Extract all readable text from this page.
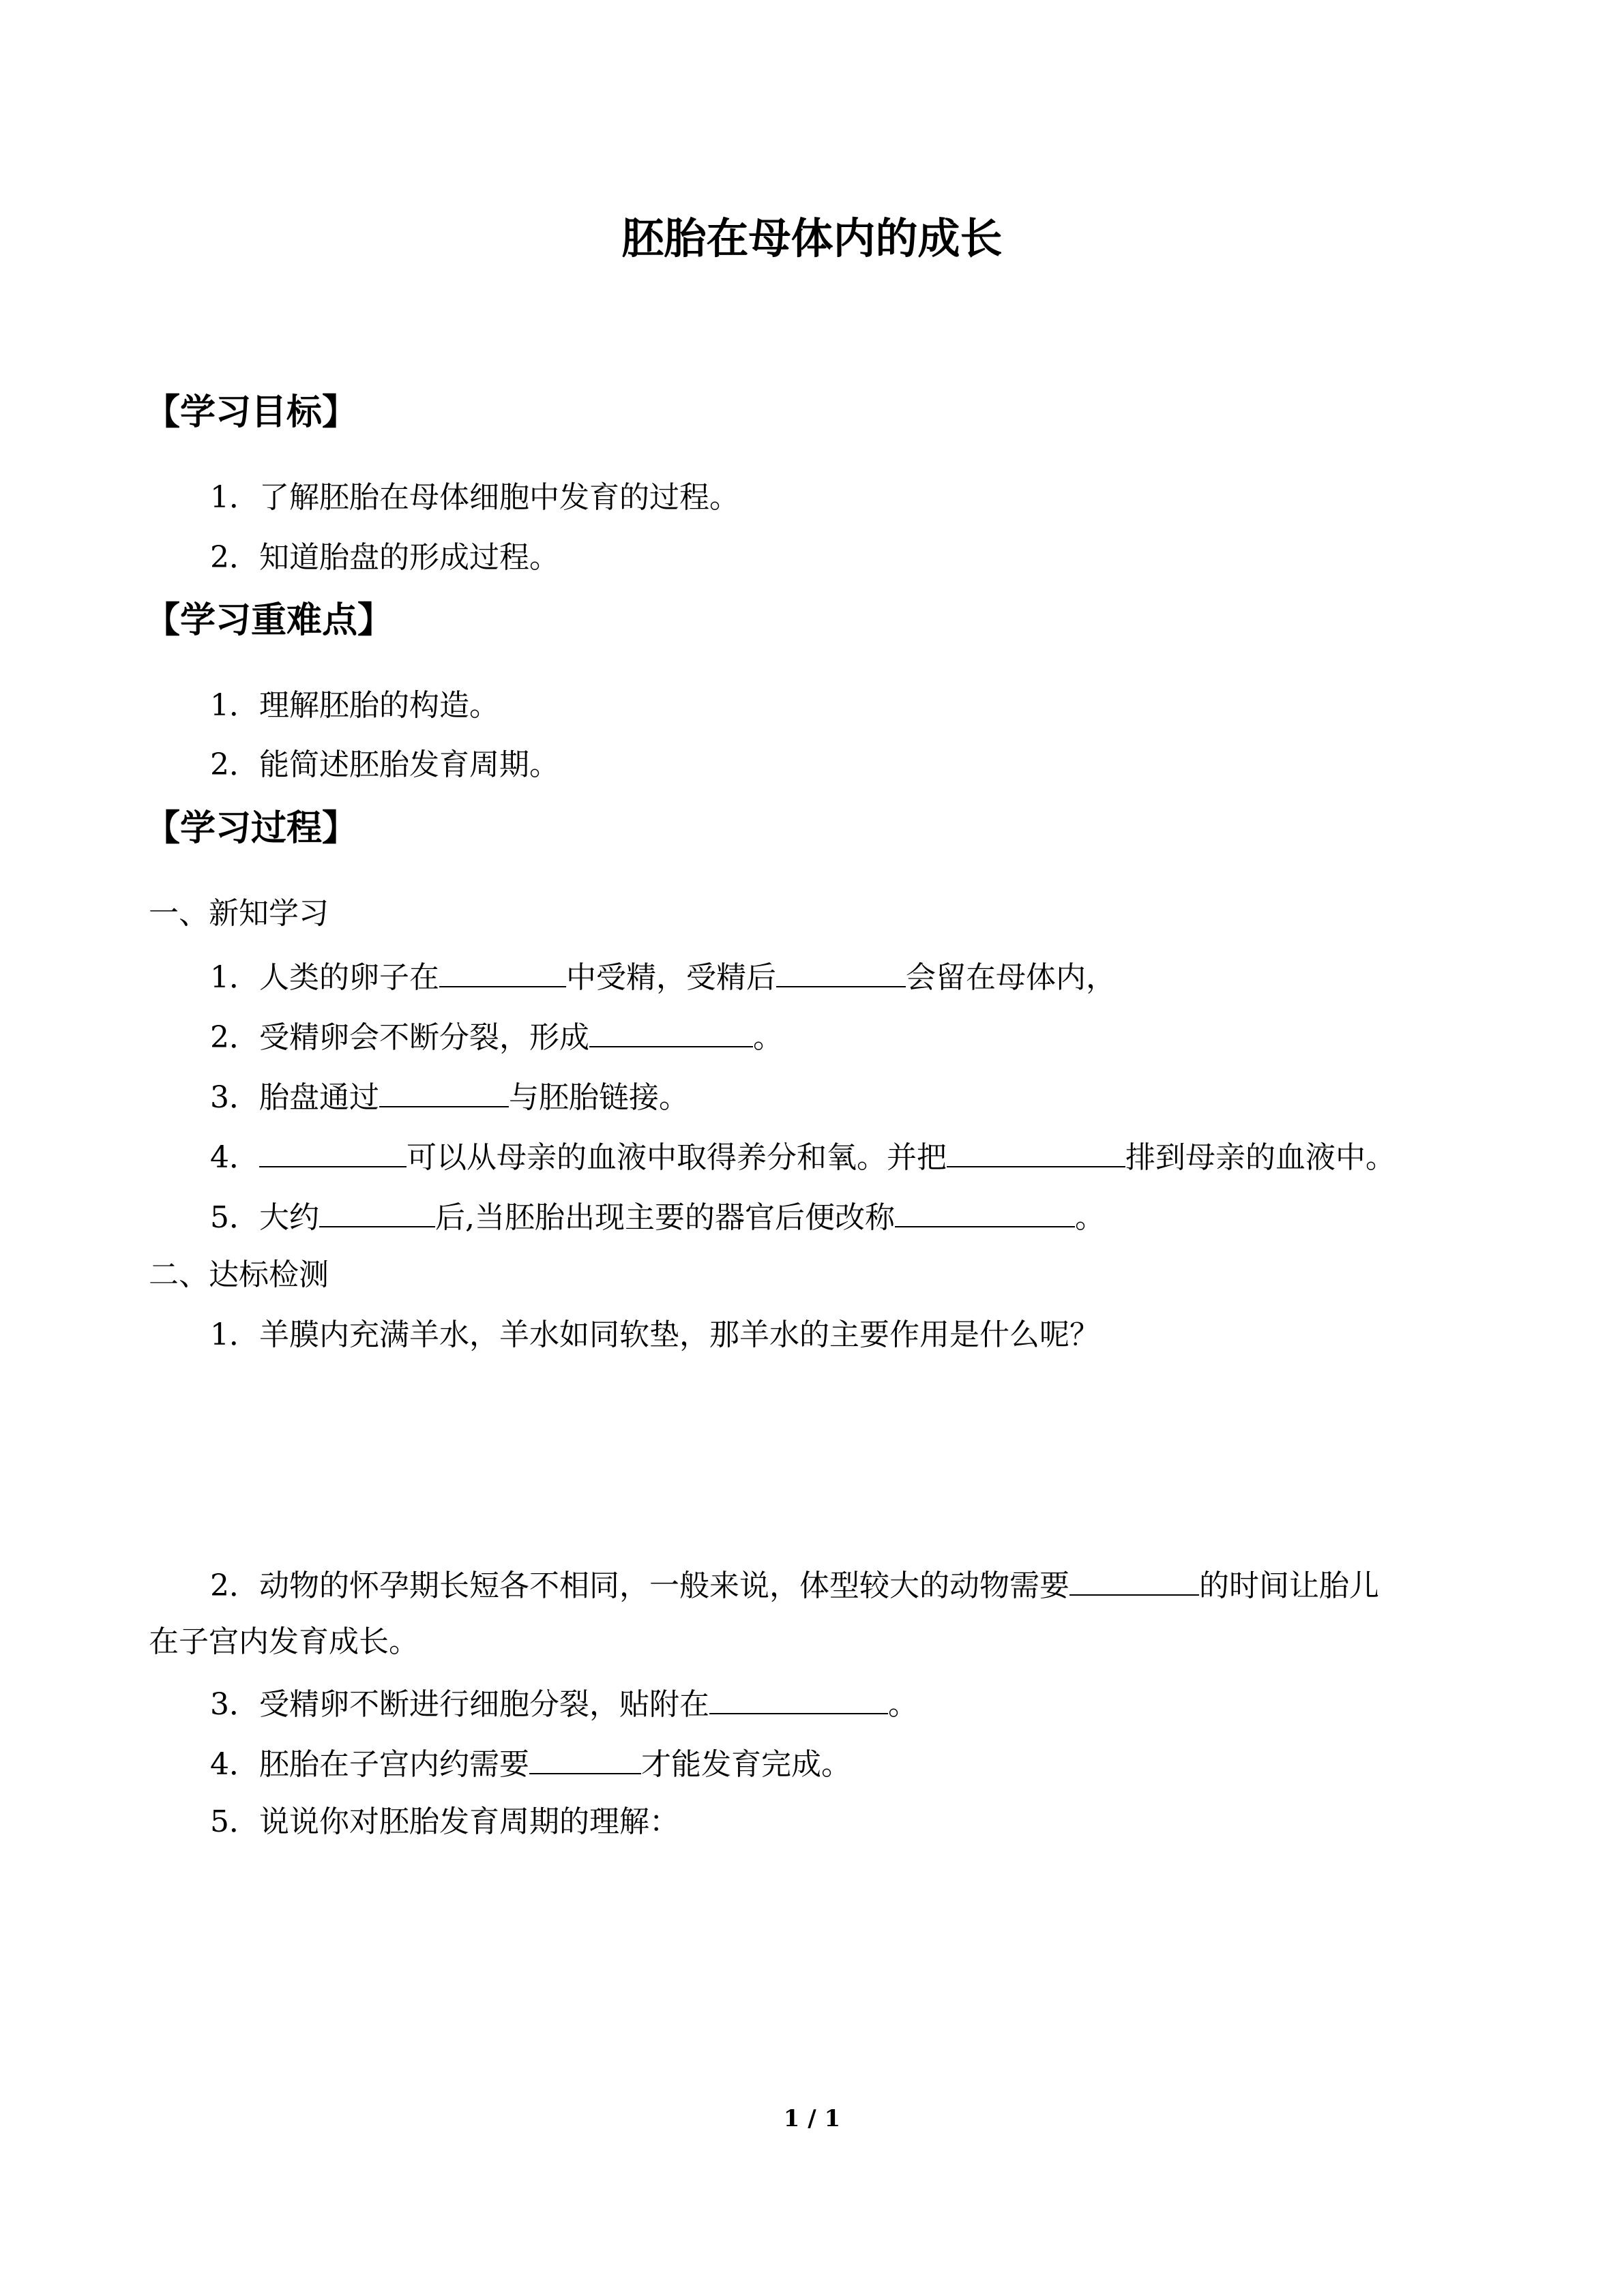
胚胎在母体内的成长
【学习目标】
1．了解胚胎在母体细胞中发育的过程。
2．知道胎盘的形成过程。
【学习重难点】
1．理解胚胎的构造。
2．能简述胚胎发育周期。
【学习过程】
一、新知学习
1．人类的卵子在	中受精，受精后	会留在母体内，
2．受精卵会不断分裂，形成	。
3．胎盘通过	与胚胎链接。
4．	可以从母亲的血液中取得养分和氧。并把	排到母亲的血液中。
5．大约	后,当胚胎出现主要的器官后便改称	。
二、达标检测
1．羊膜内充满羊水，羊水如同软垫，那羊水的主要作用是什么呢？
2．动物的怀孕期长短各不相同，一般来说，体型较大的动物需要	的时间让胎儿
在子宫内发育成长。
3．受精卵不断进行细胞分裂，贴附在	。
4．胚胎在子宫内约需要	才能发育完成。
5．说说你对胚胎发育周期的理解：
1 / 1
